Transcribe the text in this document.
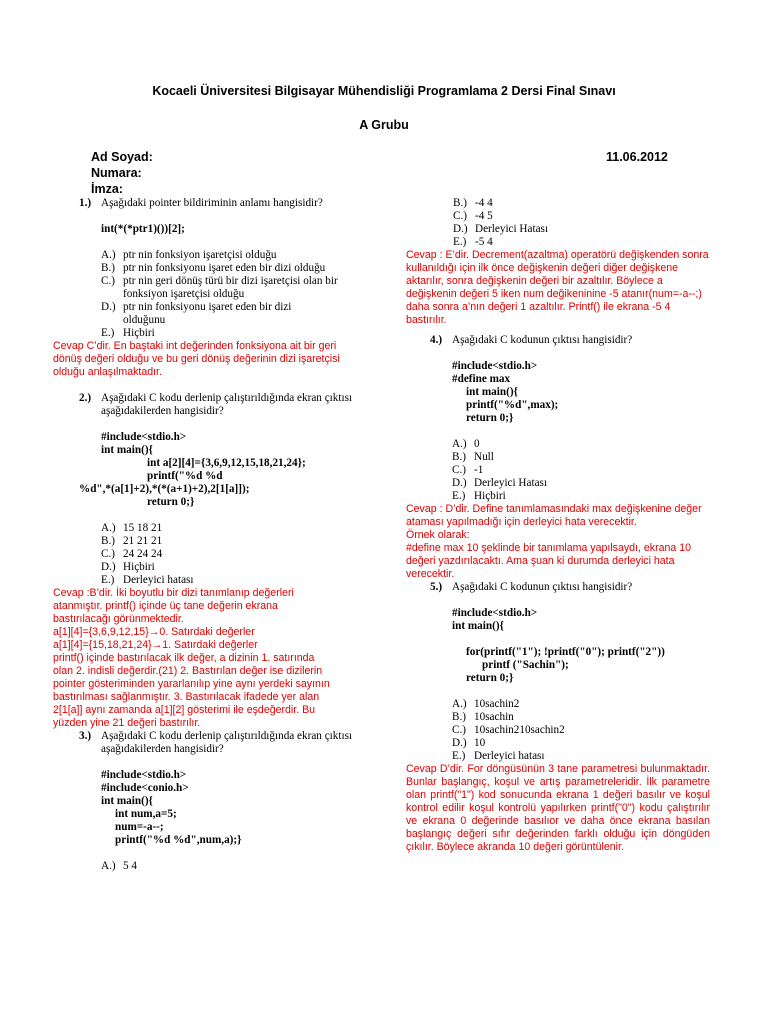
Kocaeli Üniversitesi Bilgisayar Mühendisliği Programlama 2 Dersi Final Sınavı
A Grubu
Ad Soyad:
Numara:
İmza:
11.06.2012
1.) Aşağıdaki pointer bildiriminin anlamı hangisidir?
int(*(*ptr1)())[2];
A.) ptr nin fonksiyon işaretçisi olduğu
B.) ptr nin fonksiyonu işaret eden bir dizi olduğu
C.) ptr nin geri dönüş türü bir dizi işaretçisi olan bir fonksiyon işaretçisi olduğu
D.) ptr nin fonksiyonu işaret eden bir dizi olduğunu
E.) Hiçbiri
Cevap C’dir. En baştaki int değerinden fonksiyona ait bir geri dönüş değeri olduğu ve bu geri dönüş değerinin dizi işaretçisi olduğu anlaşılmaktadır.
2.) Aşağıdaki C kodu derlenip çalıştırıldığında ekran çıktısı aşağıdakilerden hangisidir?
#include<stdio.h>
int main(){
int a[2][4]={3,6,9,12,15,18,21,24};
printf("%d %d
%d",*(a[1]+2),*(*(a+1)+2),2[1[a]]);
return 0;}
A.) 15 18 21
B.) 21 21 21
C.) 24 24 24
D.) Hiçbiri
E.) Derleyici hatası
Cevap :B’dir. İki boyutlu bir dizi tanımlanıp değerleri atanmıştır. printf() içinde üç tane değerin ekrana bastırılacağı görünmektedir.
a[1][4]={3,6,9,12,15}→0. Satırdaki değerler
a[1][4]={15,18,21,24}→1. Satırdaki değerler
printf() içinde bastırılacak ilk değer, a dizinin 1. satırında olan 2. indisli değerdir.(21) 2. Bastırılan değer ise dizilerin pointer gösteriminden yararlanılıp yine aynı yerdeki sayının bastırılması sağlanmıştır. 3. Bastırılacak ifadede yer alan 2[1[a]] aynı zamanda a[1][2] gösterimi ile eşdeğerdir. Bu yüzden yine 21 değeri bastırılır.
3.) Aşağıdaki C kodu derlenip çalıştırıldığında ekran çıktısı aşağıdakilerden hangisidir?
#include<stdio.h>
#include<conio.h>
int main(){
int num,a=5;
num=-a--;
printf("%d %d",num,a);}
A.) 5 4
B.) -4 4
C.) -4 5
D.) Derleyici Hatası
E.) -5 4
Cevap : E’dir. Decrement(azaltma) operatörü değişkenden sonra kullanıldığı için ilk önce değişkenin değeri diğer değişkene aktarılır, sonra değişkenin değeri bir azaltılır. Böylece a değişkenin değeri 5 iken num değikeninine -5 atanır(num=-a--;) daha sonra a’nın değeri 1 azaltılır. Printf() ile ekrana -5 4 bastırılır.
4.) Aşağıdaki C kodunun çıktısı hangisidir?
#include<stdio.h>
#define max
int main(){
printf("%d",max);
return 0;}
A.) 0
B.) Null
C.) -1
D.) Derleyici Hatası
E.) Hiçbiri
Cevap : D’dir. Define tanımlamasındaki max değişkenine değer ataması yapılmadığı için derleyici hata verecektir.
Örnek olarak:
#define max 10 şeklinde bir tanımlama yapılsaydı, ekrana 10 değeri yazdırılacaktı. Ama şuan ki durumda derleyici hata verecektir.
5.) Aşağıdaki C kodunun çıktısı hangisidir?
#include<stdio.h>
int main(){
for(printf("1"); !printf("0"); printf("2"))
printf ("Sachin");
return 0;}
A.) 10sachin2
B.) 10sachin
C.) 10sachin210sachin2
D.) 10
E.) Derleyici hatası
Cevap D’dir. For döngüsünün 3 tane parametresi bulunmaktadır. Bunlar başlangıç, koşul ve artış parametreleridir. İlk parametre olan printf("1") kod sonucunda ekrana 1 değeri basılır ve koşul kontrol edilir koşul kontrolü yapılırken printf("0") kodu çalıştırılır ve ekrana 0 değerinde basılıor ve daha önce ekrana basılan başlangıç değeri sıfır değerinden farklı olduğu için döngüden çıkılır. Böylece akranda 10 değeri görüntülenir.
